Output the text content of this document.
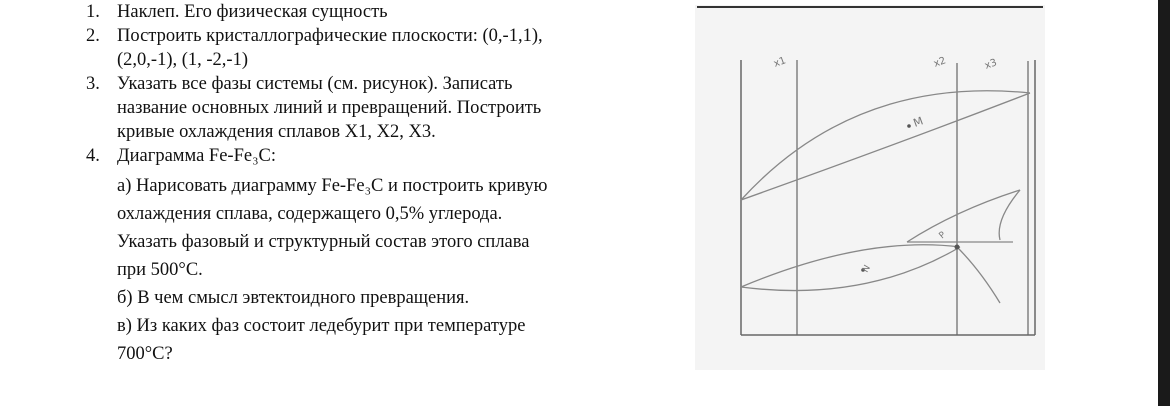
1. Наклеп. Его физическая сущность
2. Построить кристаллографические плоскости: (0,-1,1),
(2,0,-1), (1, -2,-1)
3. Указать все фазы системы (см. рисунок). Записать
название основных линий и превращений. Построить
кривые охлаждения сплавов X1, X2, X3.
4. Диаграмма Fe-Fe₃C:
а) Нарисовать диаграмму Fe-Fe₃C и построить кривую
охлаждения сплава, содержащего 0,5% углерода.
Указать фазовый и структурный состав этого сплава
при 500°C.
б) В чем смысл эвтектоидного превращения.
в) Из каких фаз состоит ледебурит при температуре
700°C?
x1	x2	x3
M
N
P
